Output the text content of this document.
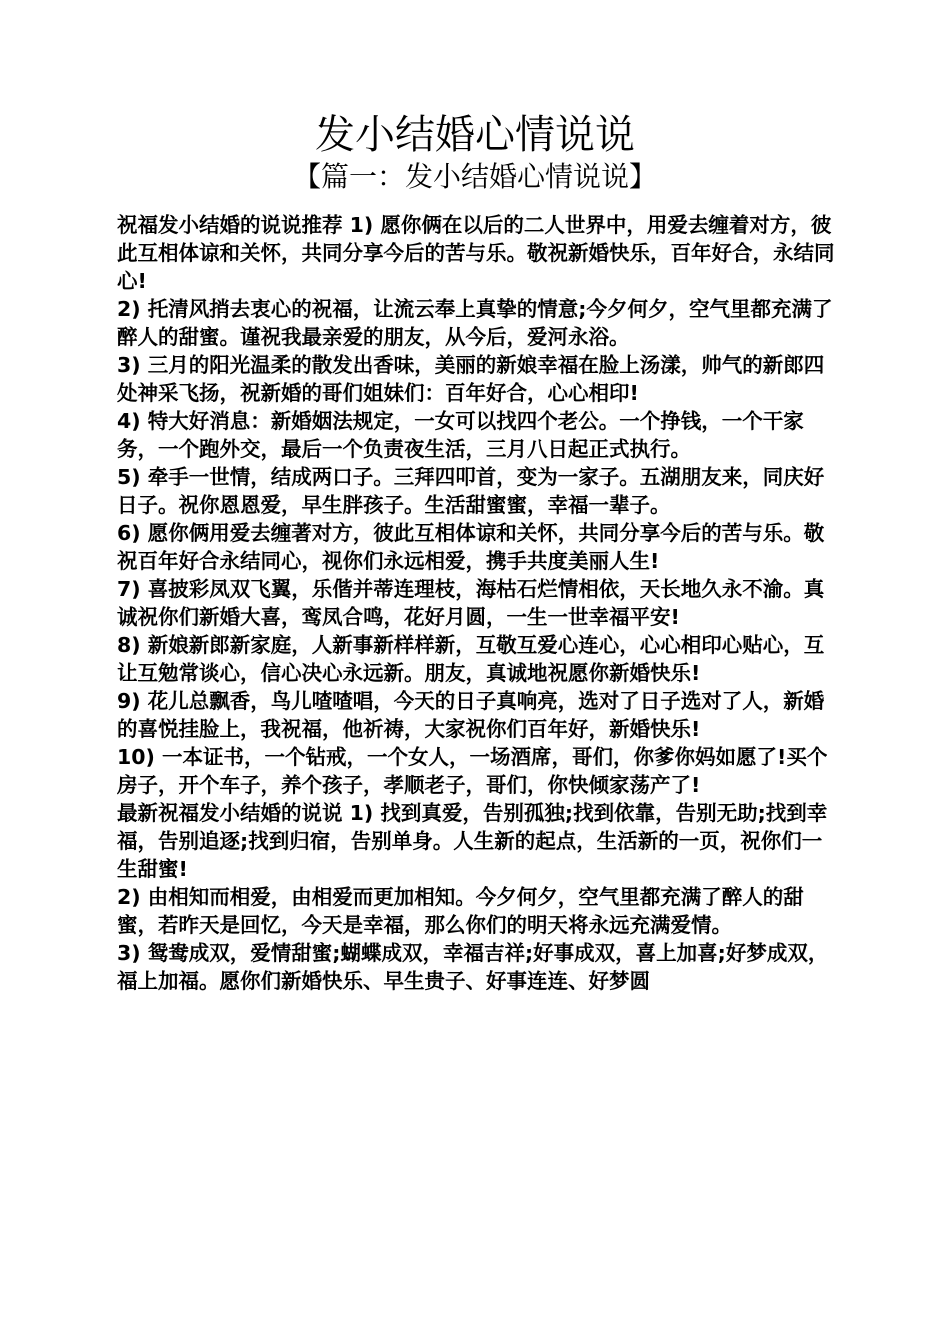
发小结婚心情说说
【篇一：发小结婚心情说说】

祝福发小结婚的说说推荐 1) 愿你俩在以后的二人世界中，用爱去缠着对方，彼此互相体谅和关怀，共同分享今后的苦与乐。敬祝新婚快乐，百年好合，永结同心!

2) 托清风捎去衷心的祝福，让流云奉上真挚的情意;今夕何夕，空气里都充满了醉人的甜蜜。谨祝我最亲爱的朋友，从今后，爱河永浴。

3) 三月的阳光温柔的散发出香味，美丽的新娘幸福在脸上汤漾，帅气的新郎四处神采飞扬，祝新婚的哥们姐妹们：百年好合，心心相印!

4) 特大好消息：新婚姻法规定，一女可以找四个老公。一个挣钱，一个干家务，一个跑外交，最后一个负责夜生活，三月八日起正式执行。

5) 牵手一世情，结成两口子。三拜四叩首，变为一家子。五湖朋友来，同庆好日子。祝你恩恩爱，早生胖孩子。生活甜蜜蜜，幸福一辈子。

6) 愿你俩用爱去缠著对方，彼此互相体谅和关怀，共同分享今后的苦与乐。敬祝百年好合永结同心，视你们永远相爱，携手共度美丽人生!

7) 喜披彩凤双飞翼，乐偕并蒂连理枝，海枯石烂情相依，天长地久永不渝。真诚祝你们新婚大喜，鸾凤合鸣，花好月圆，一生一世幸福平安!

8) 新娘新郎新家庭，人新事新样样新，互敬互爱心连心，心心相印心贴心，互让互勉常谈心，信心决心永远新。朋友，真诚地祝愿你新婚快乐!

9) 花儿总飘香，鸟儿喳喳唱，今天的日子真响亮，选对了日子选对了人，新婚的喜悦挂脸上，我祝福，他祈祷，大家祝你们百年好，新婚快乐!

10) 一本证书，一个钻戒，一个女人，一场酒席，哥们，你爹你妈如愿了!买个房子，开个车子，养个孩子，孝顺老子，哥们，你快倾家荡产了!

最新祝福发小结婚的说说 1) 找到真爱，告别孤独;找到依靠，告别无助;找到幸福，告别追逐;找到归宿，告别单身。人生新的起点，生活新的一页，祝你们一生甜蜜!

2) 由相知而相爱，由相爱而更加相知。今夕何夕，空气里都充满了醉人的甜蜜，若昨天是回忆，今天是幸福，那么你们的明天将永远充满爱情。

3) 鸳鸯成双，爱情甜蜜;蝴蝶成双，幸福吉祥;好事成双，喜上加喜;好梦成双，福上加福。愿你们新婚快乐、早生贵子、好事连连、好梦圆
